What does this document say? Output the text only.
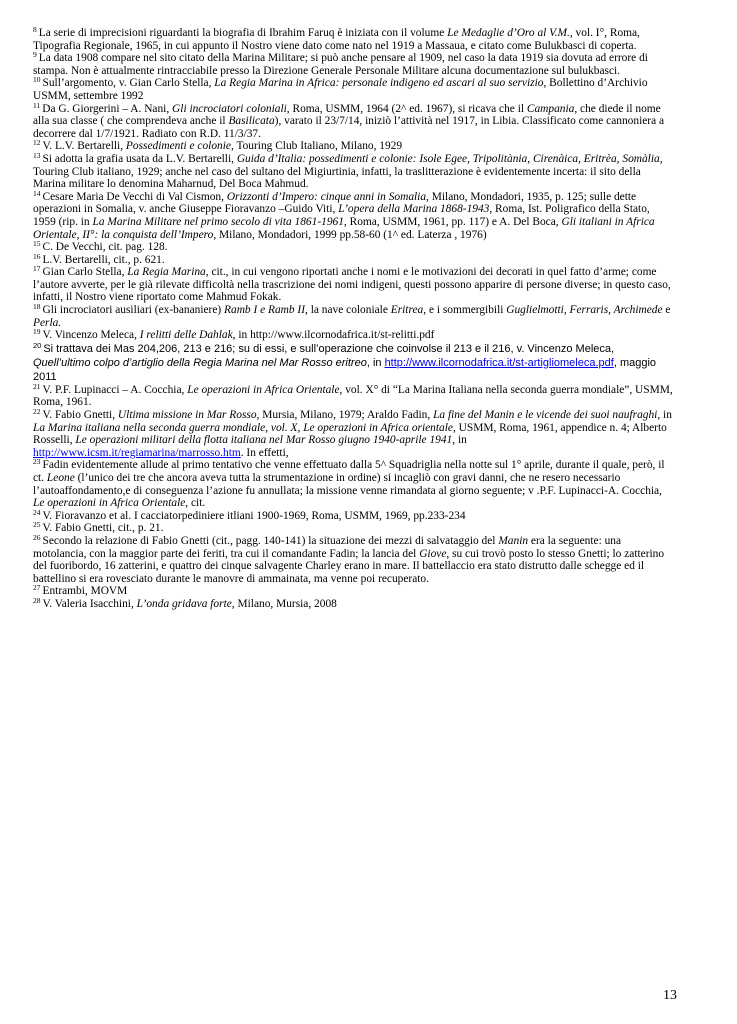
$^8$ La serie di imprecisioni riguardanti la biografia di Ibrahim Faruq è iniziata con il volume Le Medaglie d’Oro al V.M., vol. I°, Roma, Tipografia Regionale, 1965, in cui appunto il Nostro viene dato come nato nel 1919 a Massaua, e citato come Bulukbasci di coperta.

$^9$ La data 1908 compare nel sito citato della Marina Militare; si può anche pensare al 1909, nel caso la data 1919 sia dovuta ad errore di stampa. Non è attualmente rintracciabile presso la Direzione Generale Personale Militare alcuna documentazione sul bulukbasci.

$^{10}$ Sull’argomento, v. Gian Carlo Stella, La Regia Marina in Africa: personale indigeno ed ascari al suo servizio, Bollettino d’Archivio USMM, settembre 1992

$^{11}$ Da G. Giorgerini – A. Nani, Gli incrociatori coloniali, Roma, USMM, 1964 (2^ ed. 1967), si ricava che il Campania, che diede il nome alla sua classe ( che comprendeva anche il Basilicata), varato il 23/7/14, iniziò l’attività nel 1917, in Libia. Classificato come cannoniera a decorrere dal 1/7/1921. Radiato con R.D. 11/3/37.

$^{12}$ V. L.V. Bertarelli, Possedimenti e colonie, Touring Club Italiano, Milano, 1929

$^{13}$ Si adotta la grafia usata da L.V. Bertarelli, Guida d’Italia: possedimenti e colonie: Isole Egee, Tripolitània, Cirenàica, Eritrèa, Somàlia, Touring Club italiano, 1929; anche nel caso del sultano del Migiurtinia, infatti, la traslitterazione è evidentemente incerta: il sito della Marina militare lo denomina Maharnud, Del Boca Mahmud.

$^{14}$ Cesare Maria De Vecchi di Val Cismon, Orizzonti d’Impero: cinque anni in Somalia, Milano, Mondadori, 1935, p. 125; sulle dette operazioni in Somalia, v. anche Giuseppe Fioravanzo –Guido Viti, L’opera della Marina 1868-1943, Roma, Ist. Poligrafico della Stato, 1959 (rip. in La Marina Militare nel primo secolo di vita 1861-1961, Roma, USMM, 1961, pp. 117) e A. Del Boca, Gli italiani in Africa Orientale, II°: la conquista dell’Impero, Milano, Mondadori, 1999 pp.58-60 (1^ ed. Laterza , 1976)

$^{15}$ C. De Vecchi, cit. pag. 128.

$^{16}$ L.V. Bertarelli, cit., p. 621.

$^{17}$ Gian Carlo Stella, La Regia Marina, cit., in cui vengono riportati anche i nomi e le motivazioni dei decorati in quel fatto d’arme; come l’autore avverte, per le già rilevate difficoltà nella trascrizione dei nomi indigeni, questi possono apparire di persone diverse; in questo caso, infatti, il Nostro viene riportato come Mahmud Fokak.

$^{18}$ Gli incrociatori ausiliari (ex-bananiere) Ramb I e Ramb II, la nave coloniale Eritrea, e i sommergibili Guglielmotti, Ferraris, Archimede e Perla.

$^{19}$ V. Vincenzo Meleca, I relitti delle Dahlak, in http://www.ilcornodafrica.it/st-relitti.pdf

$^{20}$ Si trattava dei Mas 204,206, 213 e 216; su di essi, e sull’operazione che coinvolse il 213 e il 216, v. Vincenzo Meleca, Quell’ultimo colpo d’artiglio della Regia Marina nel Mar Rosso eritreo, in http://www.ilcornodafrica.it/st-artigliomeleca.pdf, maggio 2011

$^{21}$ V. P.F. Lupinacci – A. Cocchia, Le operazioni in Africa Orientale, vol. X° di “La Marina Italiana nella seconda guerra mondiale”, USMM, Roma, 1961.

$^{22}$ V. Fabio Gnetti, Ultima missione in Mar Rosso, Mursia, Milano, 1979; Araldo Fadin, La fine del Manin e le vicende dei suoi naufraghi, in La Marina italiana nella seconda guerra mondiale, vol. X, Le operazioni in Africa orientale, USMM, Roma, 1961, appendice n. 4; Alberto Rosselli, Le operazioni militari della flotta italiana nel Mar Rosso giugno 1940-aprile 1941, in http://www.icsm.it/regiamarina/marrosso.htm. In effetti,

$^{23}$ Fadin evidentemente allude al primo tentativo che venne effettuato dalla 5^ Squadriglia nella notte sul 1° aprile, durante il quale, però, il ct. Leone (l’unico dei tre che ancora aveva tutta la strumentazione in ordine) si incagliò con gravi danni, che ne resero necessario l’autoaffondamento,e di conseguenza l’azione fu annullata; la missione venne rimandata al giorno seguente; v .P.F. Lupinacci-A. Cocchia, Le operazioni in Africa Orientale, cit.

$^{24}$ V. Fioravanzo et al. I cacciatorpediniere itliani 1900-1969, Roma, USMM, 1969, pp.233-234

$^{25}$ V. Fabio Gnetti, cit., p. 21.

$^{26}$ Secondo la relazione di Fabio Gnetti (cit., pagg. 140-141) la situazione dei mezzi di salvataggio del Manin era la seguente: una motolancia, con la maggior parte dei feriti, tra cui il comandante Fadin; la lancia del Giove, su cui trovò posto lo stesso Gnetti; lo zatterino del fuoribordo, 16 zatterini, e quattro dei cinque salvagente Charley erano in mare. Il battellaccio era stato distrutto dalle schegge ed il battellino si era rovesciato durante le manovre di ammainata, ma venne poi recuperato.

$^{27}$ Entrambi, MOVM

$^{28}$ V. Valeria Isacchini, L’onda gridava forte, Milano, Mursia, 2008

13
